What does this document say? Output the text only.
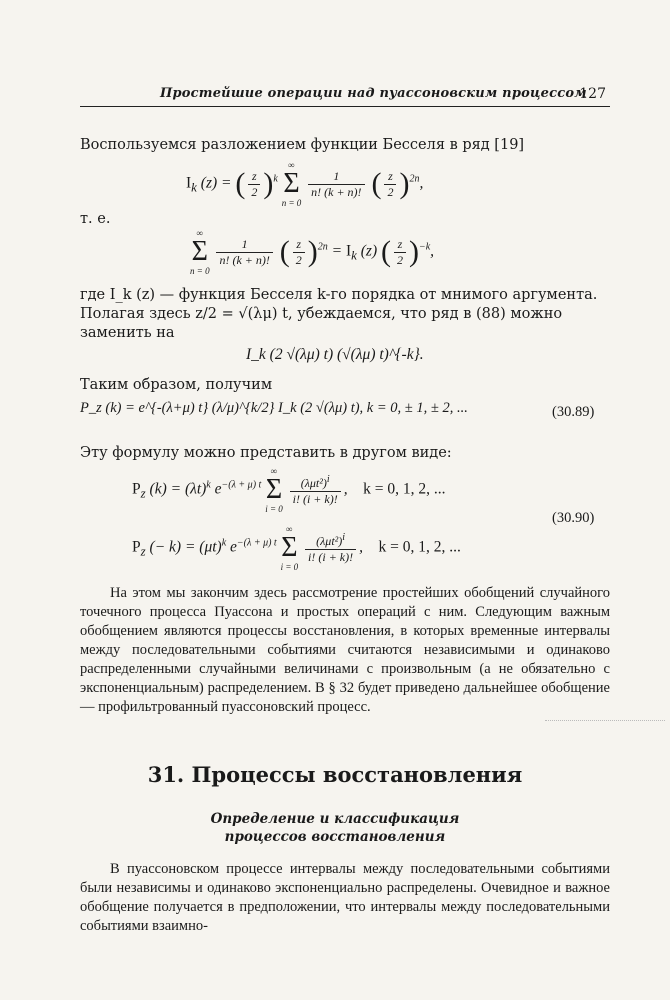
Простейшие операции над пуассоновским процессом
127
Воспользуемся разложением функции Бесселя в ряд [19]
$I_k$ (z) = ( $\frac{z}{2} )^k$
∞
Σ
n = 0

$\frac{1}{n! (k + n)!}$ ( $\frac{z}{2} )^{2n}$,
т. е.
∞
Σ
n = 0

$\frac{1}{n! (k + n)!}$ ( $\frac{z}{2} )^{2n} = I_k$ (z) ( $\frac{z}{2} )^{-k}$,
где I_k (z) — функция Бесселя k-го порядка от мнимого аргумента.
Полагая здесь z/2 = √(λμ) t, убеждаемся, что ряд в (88) можно
заменить на
I_k (2 √(λμ) t) (√(λμ) t)^{-k}.
Таким образом, получим
P_z (k) = e^{-(λ+μ) t} (λ/μ)^{k/2} I_k (2 √(λμ) t), k = 0, ± 1, ± 2, ...	(30.89)
Эту формулу можно представить в другом виде:
$P_z$ $(k) = (\lambda t)^k$ $e^{-(\lambda + \mu) t}$
∞
Σ
i = 0

$\frac{(\lambda\mu t^2)^i}{i! (i + k)!}$ ,    k = 0, 1, 2, ...
(30.90)
$P_z$ (− $k) = (\mu t)^k$ $e^{-(\lambda + \mu) t}$
∞
Σ
i = 0

$\frac{(\lambda\mu t^2)^i}{i! (i + k)!}$ ,    k = 0, 1, 2, ...
На этом мы закончим здесь рассмотрение простейших обобщений случайного точечного процесса Пуассона и простых операций с ним. Следующим важным обобщением являются процессы восстановления, в которых временные интервалы между последовательными событиями считаются независимыми и одинаково распределенными случайными величинами с произвольным (а не обязательно с экспоненциальным) распределением. В § 32 будет приведено дальнейшее обобщение — профильтрованный пуассоновский процесс.
31. Процессы восстановления
Определение и классификация процессов восстановления
В пуассоновском процессе интервалы между последовательными событиями были независимы и одинаково экспоненциально распределены. Очевидное и важное обобщение получается в предположении, что интервалы между последовательными событиями взаимно-
